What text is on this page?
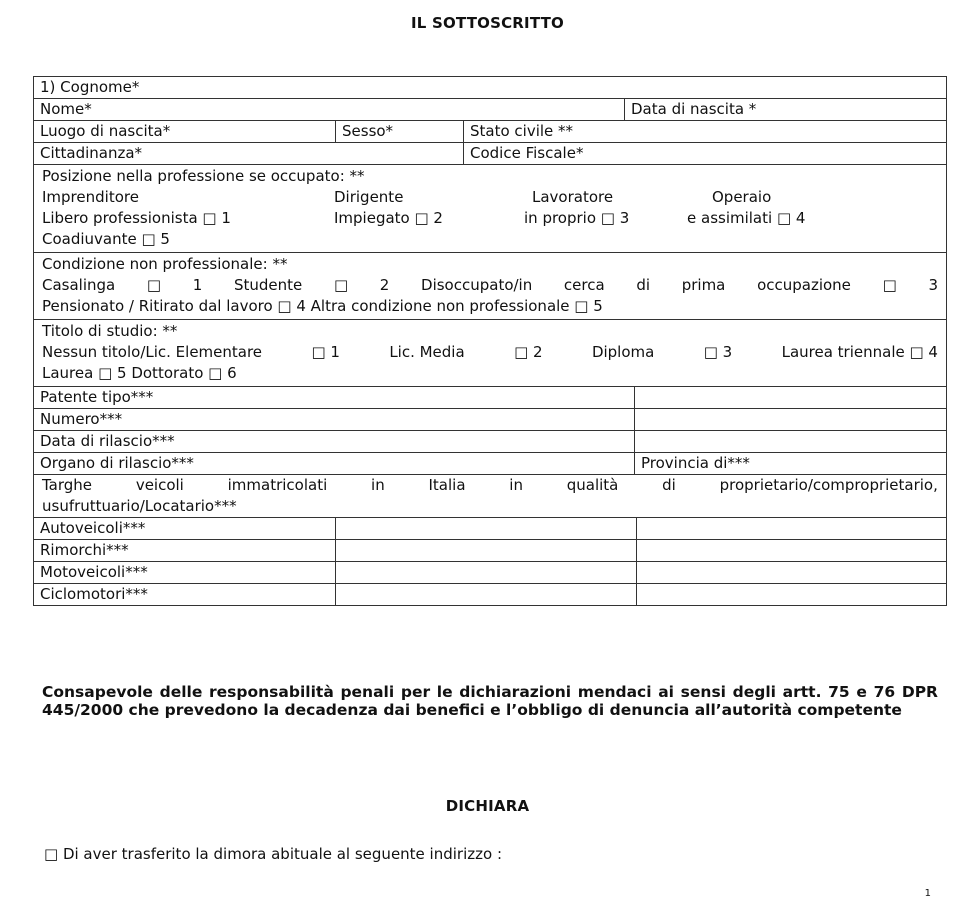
IL SOTTOSCRITTO
1) Cognome*
Nome*	Data di nascita *
Luogo di nascita*	Sesso*	Stato civile **
Cittadinanza*	Codice Fiscale*
Posizione nella professione se occupato: **
Imprenditore	Dirigente	Lavoratore	Operaio
Libero professionista □ 1	Impiegato □ 2	in proprio □ 3	e assimilati □ 4
Coadiuvante □ 5
Condizione non professionale: **
Casalinga □ 1 Studente □ 2 Disoccupato/in cerca di prima occupazione □ 3
Pensionato / Ritirato dal lavoro □ 4 Altra condizione non professionale □ 5
Titolo di studio: **
Nessun titolo/Lic. Elementare	□ 1	Lic. Media	□ 2	Diploma	□ 3	Laurea triennale □ 4
Laurea □ 5 Dottorato □ 6
Patente tipo***
Numero***
Data di rilascio***
Organo di rilascio***	Provincia di***
Targhe	veicoli	immatricolati	in	Italia	in	qualità	di	proprietario/comproprietario,
usufruttuario/Locatario***
Autoveicoli***
Rimorchi***
Motoveicoli***
Ciclomotori***
Consapevole delle responsabilità penali per le dichiarazioni mendaci ai sensi degli artt. 75 e 76 DPR 445/2000 che prevedono la decadenza dai benefici e l’obbligo di denuncia all’autorità competente
DICHIARA
□ Di aver trasferito la dimora abituale al seguente indirizzo :
1
